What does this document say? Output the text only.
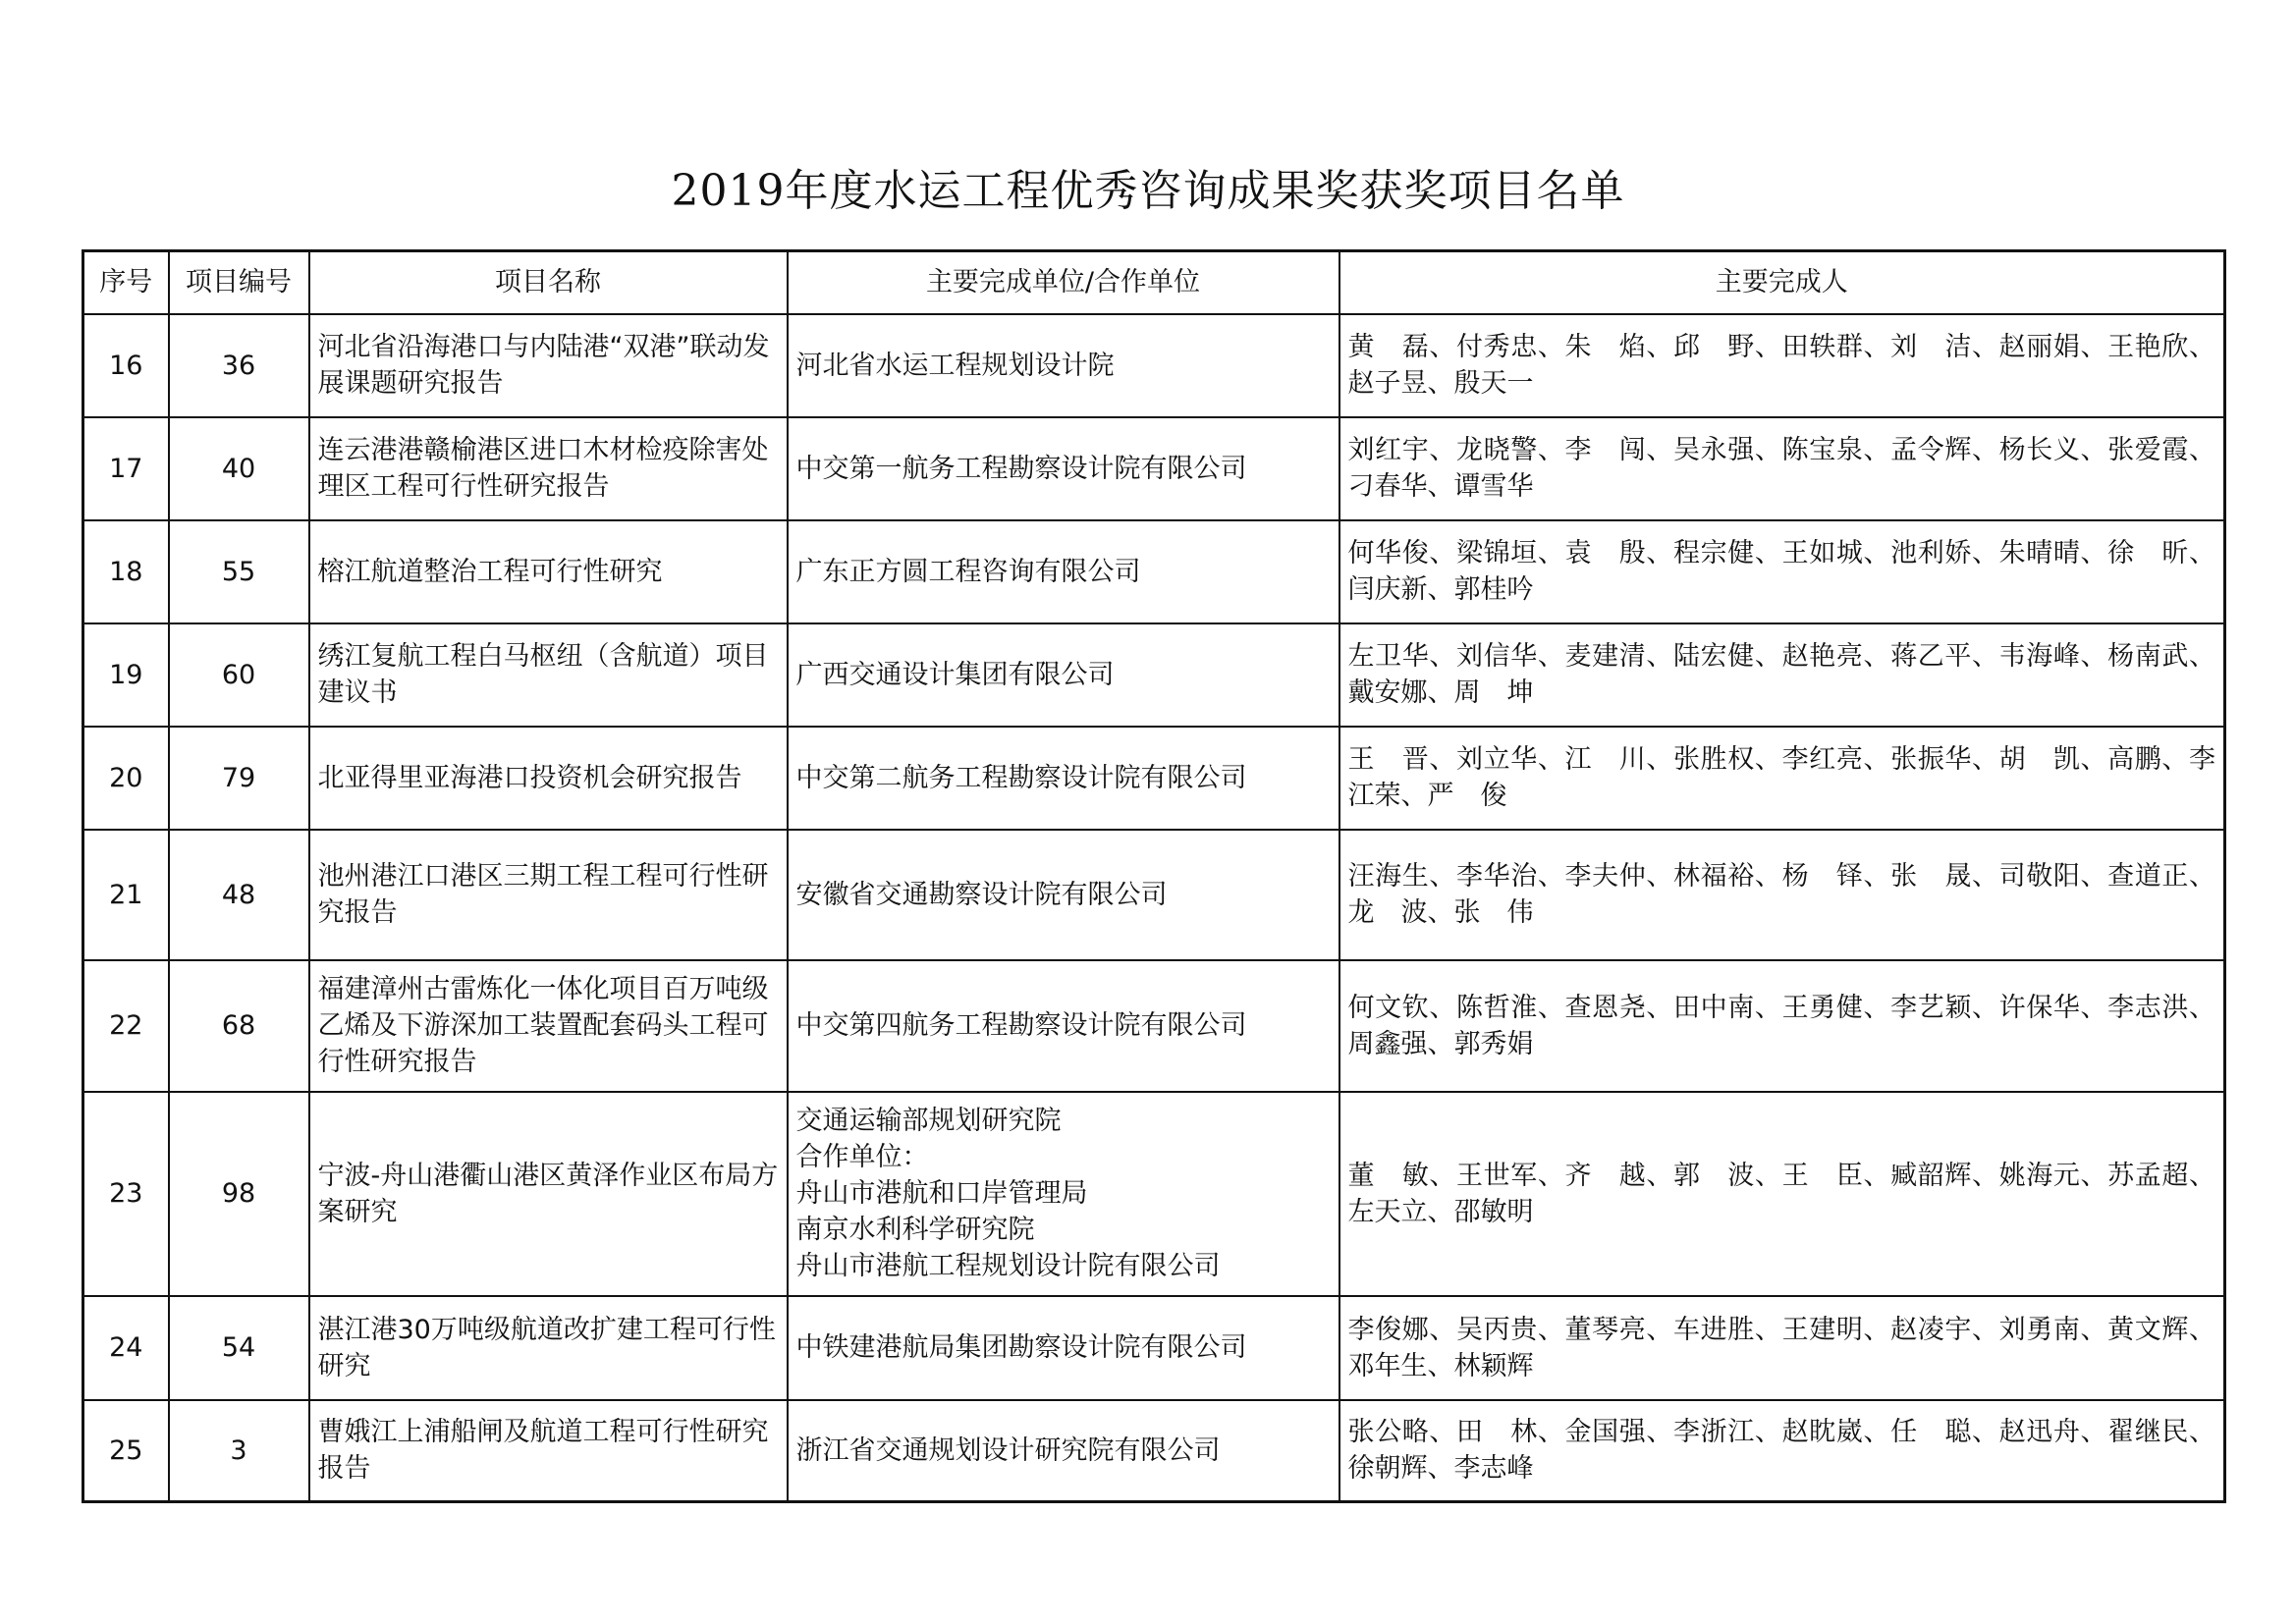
2019年度水运工程优秀咨询成果奖获奖项目名单
序号	项目编号	项目名称	主要完成单位/合作单位	主要完成人
16	36	河北省沿海港口与内陆港“双港”联动发展课题研究报告	河北省水运工程规划设计院	黄　磊、付秀忠、朱　焰、邱　野、田轶群、刘　洁、赵丽娟、王艳欣、赵子昱、殷天一
17	40	连云港港赣榆港区进口木材检疫除害处理区工程可行性研究报告	中交第一航务工程勘察设计院有限公司	刘红宇、龙晓警、李　闯、吴永强、陈宝泉、孟令辉、杨长义、张爱霞、刁春华、谭雪华
18	55	榕江航道整治工程可行性研究	广东正方圆工程咨询有限公司	何华俊、梁锦垣、袁　殷、程宗健、王如城、池利娇、朱晴晴、徐　昕、闫庆新、郭桂吟
19	60	绣江复航工程白马枢纽（含航道）项目建议书	广西交通设计集团有限公司	左卫华、刘信华、麦建清、陆宏健、赵艳亮、蒋乙平、韦海峰、杨南武、戴安娜、周　坤
20	79	北亚得里亚海港口投资机会研究报告	中交第二航务工程勘察设计院有限公司	王　晋、刘立华、江　川、张胜权、李红亮、张振华、胡　凯、高鹏、李江荣、严　俊
21	48	池州港江口港区三期工程工程可行性研究报告	安徽省交通勘察设计院有限公司	汪海生、李华治、李夫仲、林福裕、杨　铎、张　晟、司敬阳、查道正、龙　波、张　伟
22	68	福建漳州古雷炼化一体化项目百万吨级乙烯及下游深加工装置配套码头工程可行性研究报告	中交第四航务工程勘察设计院有限公司	何文钦、陈哲淮、查恩尧、田中南、王勇健、李艺颖、许保华、李志洪、周鑫强、郭秀娟
23	98	宁波-舟山港衢山港区黄泽作业区布局方案研究	交通运输部规划研究院
合作单位：
舟山市港航和口岸管理局
南京水利科学研究院
舟山市港航工程规划设计院有限公司	董　敏、王世军、齐　越、郭　波、王　臣、臧韶辉、姚海元、苏孟超、左天立、邵敏明
24	54	湛江港30万吨级航道改扩建工程可行性研究	中铁建港航局集团勘察设计院有限公司	李俊娜、吴丙贵、董琴亮、车进胜、王建明、赵凌宇、刘勇南、黄文辉、邓年生、林颖辉
25	3	曹娥江上浦船闸及航道工程可行性研究报告	浙江省交通规划设计研究院有限公司	张公略、田　林、金国强、李浙江、赵眈崴、任　聪、赵迅舟、翟继民、徐朝辉、李志峰
